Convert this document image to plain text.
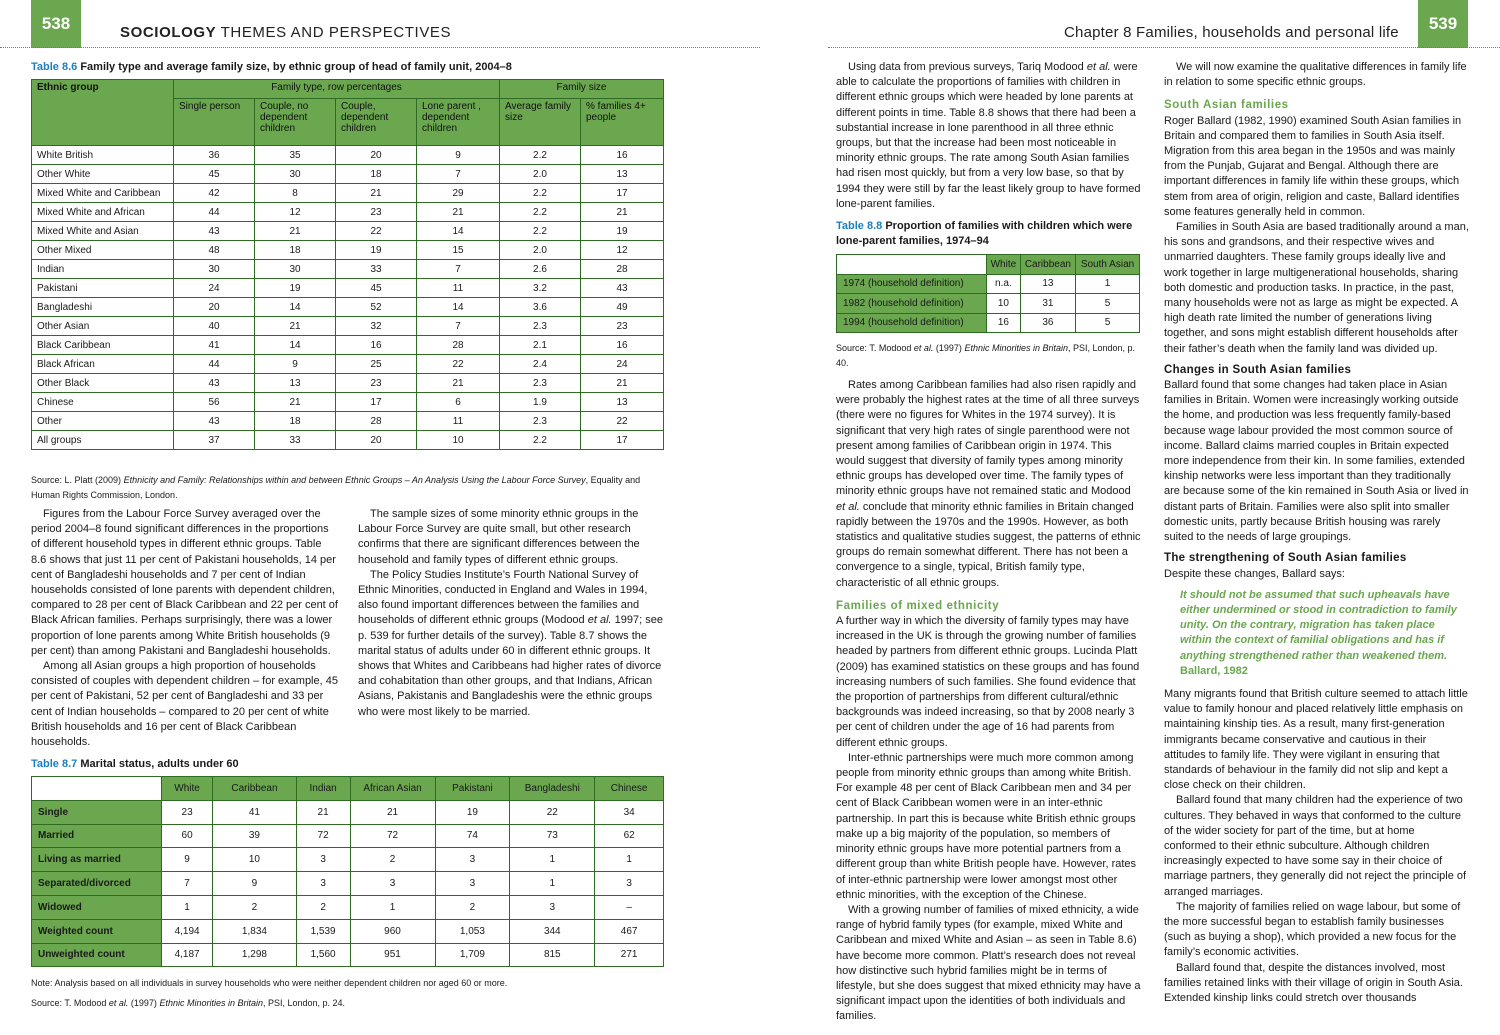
538	SOCIOLOGY THEMES AND PERSPECTIVES	Chapter 8 Families, households and personal life	539
Table 8.6 Family type and average family size, by ethnic group of head of family unit, 2004–8
Ethnic group	Family type, row percentages				Family size	
	Single person	Couple, no dependent children	Couple, dependent children	Lone parent , dependent children	Average family size	% families 4+ people
White British	36	35	20	9	2.2	16
Other White	45	30	18	7	2.0	13
Mixed White and Caribbean	42	8	21	29	2.2	17
Mixed White and African	44	12	23	21	2.2	21
Mixed White and Asian	43	21	22	14	2.2	19
Other Mixed	48	18	19	15	2.0	12
Indian	30	30	33	7	2.6	28
Pakistani	24	19	45	11	3.2	43
Bangladeshi	20	14	52	14	3.6	49
Other Asian	40	21	32	7	2.3	23
Black Caribbean	41	14	16	28	2.1	16
Black African	44	9	25	22	2.4	24
Other Black	43	13	23	21	2.3	21
Chinese	56	21	17	6	1.9	13
Other	43	18	28	11	2.3	22
All groups	37	33	20	10	2.2	17
Source: L. Platt (2009) Ethnicity and Family: Relationships within and between Ethnic Groups – An Analysis Using the Labour Force Survey, Equality and Human Rights Commission, London.

Figures from the Labour Force Survey averaged over the period 2004–8 found significant differences in the proportions of different household types in different ethnic groups. Table 8.6 shows that just 11 per cent of Pakistani households, 14 per cent of Bangladeshi households and 7 per cent of Indian households consisted of lone parents with dependent children, compared to 28 per cent of Black Caribbean and 22 per cent of Black African families. Perhaps surprisingly, there was a lower proportion of lone parents among White British households (9 per cent) than among Pakistani and Bangladeshi households.

Among all Asian groups a high proportion of households consisted of couples with dependent children – for example, 45 per cent of Pakistani, 52 per cent of Bangladeshi and 33 per cent of Indian households – compared to 20 per cent of white British households and 16 per cent of Black Caribbean households.

The sample sizes of some minority ethnic groups in the Labour Force Survey are quite small, but other research confirms that there are significant differences between the household and family types of different ethnic groups.

The Policy Studies Institute’s Fourth National Survey of Ethnic Minorities, conducted in England and Wales in 1994, also found important differences between the families and households of different ethnic groups (Modood et al. 1997; see p. 539 for further details of the survey). Table 8.7 shows the marital status of adults under 60 in different ethnic groups. It shows that Whites and Caribbeans had higher rates of divorce and cohabitation than other groups, and that Indians, African Asians, Pakistanis and Bangladeshis were the ethnic groups who were most likely to be married.

Table 8.7 Marital status, adults under 60
	White	Caribbean	Indian	African Asian	Pakistani	Bangladeshi	Chinese
Single	23	41	21	21	19	22	34
Married	60	39	72	72	74	73	62
Living as married	9	10	3	2	3	1	1
Separated/divorced	7	9	3	3	3	1	3
Widowed	1	2	2	1	2	3	–
Weighted count	4,194	1,834	1,539	960	1,053	344	467
Unweighted count	4,187	1,298	1,560	951	1,709	815	271
Note: Analysis based on all individuals in survey households who were neither dependent children nor aged 60 or more.
Source: T. Modood et al. (1997) Ethnic Minorities in Britain, PSI, London, p. 24.

Using data from previous surveys, Tariq Modood et al. were able to calculate the proportions of families with children in different ethnic groups which were headed by lone parents at different points in time. Table 8.8 shows that there had been a substantial increase in lone parenthood in all three ethnic groups, but that the increase had been most noticeable in minority ethnic groups. The rate among South Asian families had risen most quickly, but from a very low base, so that by 1994 they were still by far the least likely group to have formed lone-parent families.

Table 8.8 Proportion of families with children which were lone-parent families, 1974–94
	White	Caribbean	South Asian
1974 (household definition)	n.a.	13	1
1982 (household definition)	10	31	5
1994 (household definition)	16	36	5
Source: T. Modood et al. (1997) Ethnic Minorities in Britain, PSI, London, p. 40.

Rates among Caribbean families had also risen rapidly and were probably the highest rates at the time of all three surveys (there were no figures for Whites in the 1974 survey). It is significant that very high rates of single parenthood were not present among families of Caribbean origin in 1974. This would suggest that diversity of family types among minority ethnic groups has developed over time. The family types of minority ethnic groups have not remained static and Modood et al. conclude that minority ethnic families in Britain changed rapidly between the 1970s and the 1990s. However, as both statistics and qualitative studies suggest, the patterns of ethnic groups do remain somewhat different. There has not been a convergence to a single, typical, British family type, characteristic of all ethnic groups.

Families of mixed ethnicity

A further way in which the diversity of family types may have increased in the UK is through the growing number of families headed by partners from different ethnic groups. Lucinda Platt (2009) has examined statistics on these groups and has found increasing numbers of such families. She found evidence that the proportion of partnerships from different cultural/ethnic backgrounds was indeed increasing, so that by 2008 nearly 3 per cent of children under the age of 16 had parents from different ethnic groups.

Inter-ethnic partnerships were much more common among people from minority ethnic groups than among white British. For example 48 per cent of Black Caribbean men and 34 per cent of Black Caribbean women were in an inter-ethnic partnership. In part this is because white British ethnic groups make up a big majority of the population, so members of minority ethnic groups have more potential partners from a different group than white British people have. However, rates of inter-ethnic partnership were lower amongst most other ethnic minorities, with the exception of the Chinese.

With a growing number of families of mixed ethnicity, a wide range of hybrid family types (for example, mixed White and Caribbean and mixed White and Asian – as seen in Table 8.6) have become more common. Platt’s research does not reveal how distinctive such hybrid families might be in terms of lifestyle, but she does suggest that mixed ethnicity may have a significant impact upon the identities of both individuals and families.

We will now examine the qualitative differences in family life in relation to some specific ethnic groups.

South Asian families

Roger Ballard (1982, 1990) examined South Asian families in Britain and compared them to families in South Asia itself. Migration from this area began in the 1950s and was mainly from the Punjab, Gujarat and Bengal. Although there are important differences in family life within these groups, which stem from area of origin, religion and caste, Ballard identifies some features generally held in common.

Families in South Asia are based traditionally around a man, his sons and grandsons, and their respective wives and unmarried daughters. These family groups ideally live and work together in large multigenerational households, sharing both domestic and production tasks. In practice, in the past, many households were not as large as might be expected. A high death rate limited the number of generations living together, and sons might establish different households after their father’s death when the family land was divided up.

Changes in South Asian families

Ballard found that some changes had taken place in Asian families in Britain. Women were increasingly working outside the home, and production was less frequently family-based because wage labour provided the most common source of income. Ballard claims married couples in Britain expected more independence from their kin. In some families, extended kinship networks were less important than they traditionally are because some of the kin remained in South Asia or lived in distant parts of Britain. Families were also split into smaller domestic units, partly because British housing was rarely suited to the needs of large groupings.

The strengthening of South Asian families

Despite these changes, Ballard says:

It should not be assumed that such upheavals have either undermined or stood in contradiction to family unity. On the contrary, migration has taken place within the context of familial obligations and has if anything strengthened rather than weakened them. Ballard, 1982

Many migrants found that British culture seemed to attach little value to family honour and placed relatively little emphasis on maintaining kinship ties. As a result, many first-generation immigrants became conservative and cautious in their attitudes to family life. They were vigilant in ensuring that standards of behaviour in the family did not slip and kept a close check on their children.

Ballard found that many children had the experience of two cultures. They behaved in ways that conformed to the culture of the wider society for part of the time, but at home conformed to their ethnic subculture. Although children increasingly expected to have some say in their choice of marriage partners, they generally did not reject the principle of arranged marriages.

The majority of families relied on wage labour, but some of the more successful began to establish family businesses (such as buying a shop), which provided a new focus for the family’s economic activities.

Ballard found that, despite the distances involved, most families retained links with their village of origin in South Asia. Extended kinship links could stretch over thousands
